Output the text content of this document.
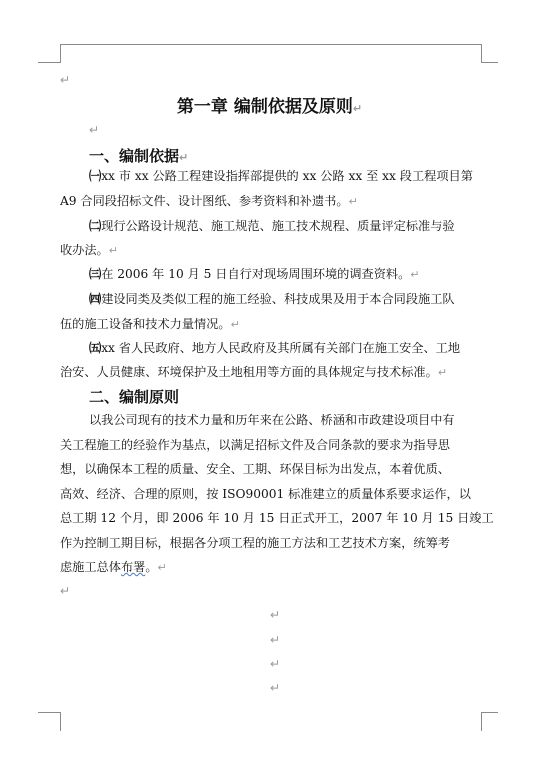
↵
第一章 编制依据及原则↵
↵
一、编制依据↵
㈠xx 市 xx 公路工程建设指挥部提供的 xx 公路 xx 至 xx 段工程项目第
A9 合同段招标文件、设计图纸、参考资料和补遗书。↵
㈡现行公路设计规范、施工规范、施工技术规程、质量评定标准与验
收办法。↵
㈢在 2006 年 10 月 5 日自行对现场周围环境的调查资料。↵
㈣建设同类及类似工程的施工经验、科技成果及用于本合同段施工队
伍的施工设备和技术力量情况。↵
㈤xx 省人民政府、地方人民政府及其所属有关部门在施工安全、工地
治安、人员健康、环境保护及土地租用等方面的具体规定与技术标准。↵
二、编制原则
以我公司现有的技术力量和历年来在公路、桥涵和市政建设项目中有
关工程施工的经验作为基点，以满足招标文件及合同条款的要求为指导思
想，以确保本工程的质量、安全、工期、环保目标为出发点，本着优质、
高效、经济、合理的原则，按 ISO90001 标准建立的质量体系要求运作，以
总工期 12 个月，即 2006 年 10 月 15 日正式开工，2007 年 10 月 15 日竣工
作为控制工期目标，根据各分项工程的施工方法和工艺技术方案，统筹考
虑施工总体布署。↵
↵
↵
↵
↵
↵
